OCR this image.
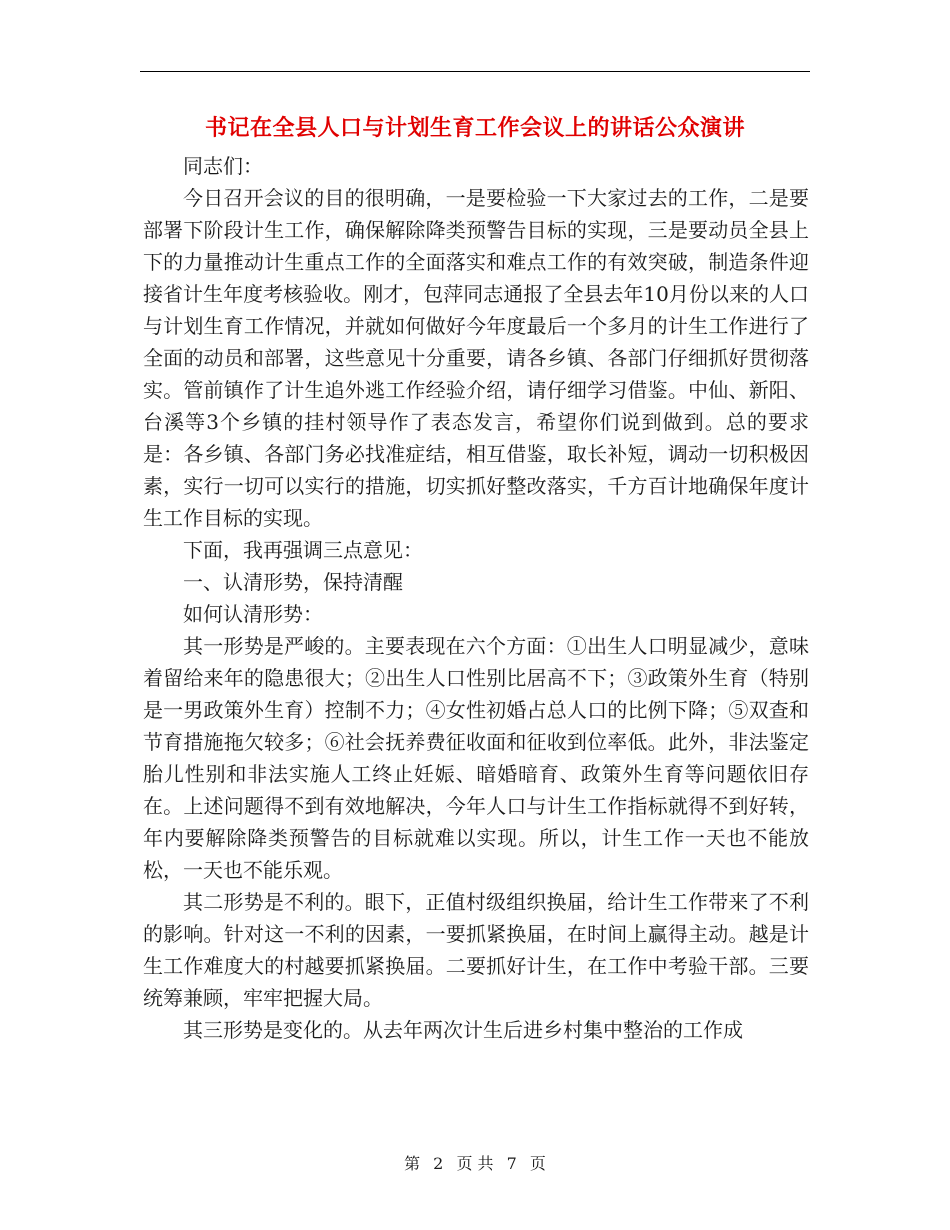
书记在全县人口与计划生育工作会议上的讲话公众演讲

同志们：

今日召开会议的目的很明确，一是要检验一下大家过去的工作，二是要部署下阶段计生工作，确保解除降类预警告目标的实现，三是要动员全县上下的力量推动计生重点工作的全面落实和难点工作的有效突破，制造条件迎接省计生年度考核验收。刚才，包萍同志通报了全县去年10月份以来的人口与计划生育工作情况，并就如何做好今年度最后一个多月的计生工作进行了全面的动员和部署，这些意见十分重要，请各乡镇、各部门仔细抓好贯彻落实。管前镇作了计生追外逃工作经验介绍，请仔细学习借鉴。中仙、新阳、台溪等3个乡镇的挂村领导作了表态发言，希望你们说到做到。总的要求是：各乡镇、各部门务必找准症结，相互借鉴，取长补短，调动一切积极因素，实行一切可以实行的措施，切实抓好整改落实，千方百计地确保年度计生工作目标的实现。

下面，我再强调三点意见：

一、认清形势，保持清醒

如何认清形势：

其一形势是严峻的。主要表现在六个方面：①出生人口明显减少，意味着留给来年的隐患很大；②出生人口性别比居高不下；③政策外生育（特别是一男政策外生育）控制不力；④女性初婚占总人口的比例下降；⑤双查和节育措施拖欠较多；⑥社会抚养费征收面和征收到位率低。此外，非法鉴定胎儿性别和非法实施人工终止妊娠、暗婚暗育、政策外生育等问题依旧存在。上述问题得不到有效地解决，今年人口与计生工作指标就得不到好转，年内要解除降类预警告的目标就难以实现。所以，计生工作一天也不能放松，一天也不能乐观。

其二形势是不利的。眼下，正值村级组织换届，给计生工作带来了不利的影响。针对这一不利的因素，一要抓紧换届，在时间上赢得主动。越是计生工作难度大的村越要抓紧换届。二要抓好计生，在工作中考验干部。三要统筹兼顾，牢牢把握大局。

其三形势是变化的。从去年两次计生后进乡村集中整治的工作成

第 2 页 共 7 页
